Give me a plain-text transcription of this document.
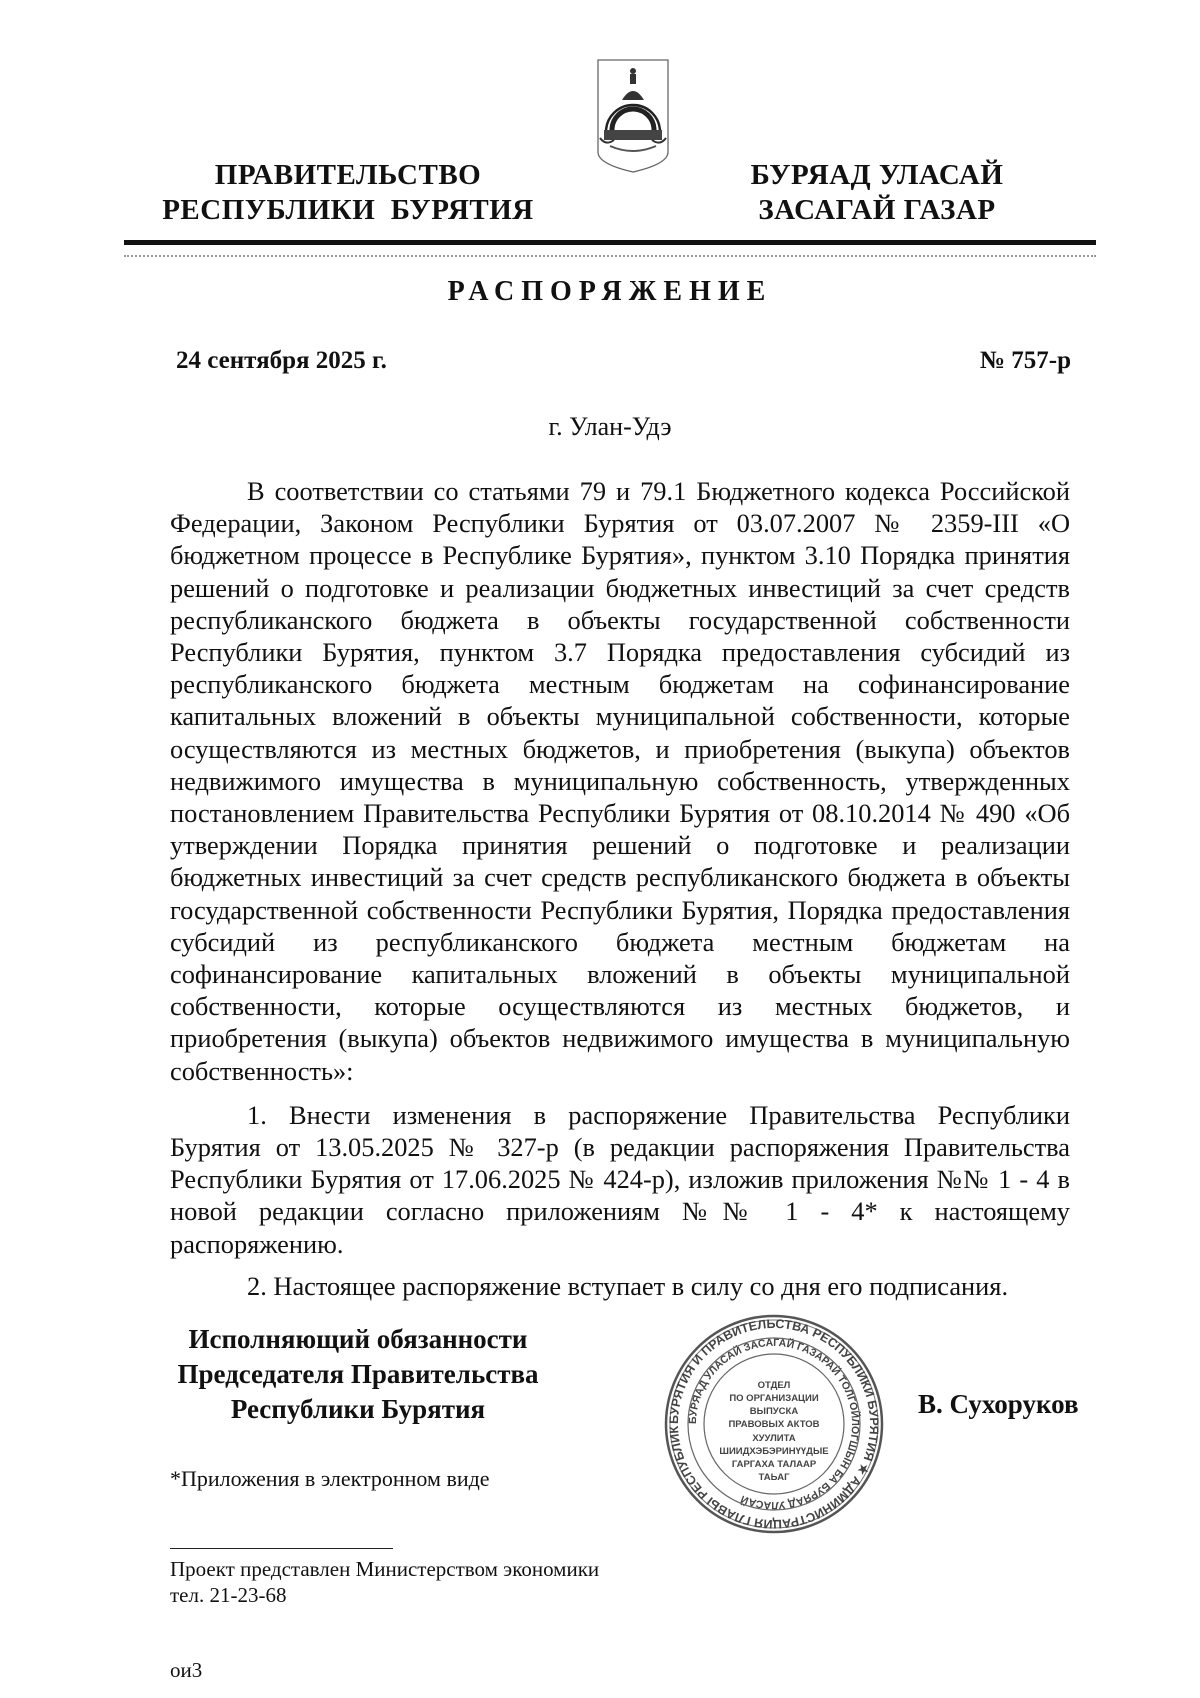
ПРАВИТЕЛЬСТВО
РЕСПУБЛИКИ  БУРЯТИЯ
БУРЯАД УЛАСАЙ
ЗАСАГАЙ ГАЗАР
РАСПОРЯЖЕНИЕ
24 сентября 2025 г.	№ 757-р
г. Улан-Удэ

В соответствии со статьями 79 и 79.1 Бюджетного кодекса Российской Федерации, Законом Республики Бурятия от 03.07.2007 № 2359-III «О бюджетном процессе в Республике Бурятия», пунктом 3.10 Порядка принятия решений о подготовке и реализации бюджетных инвестиций за счет средств республиканского бюджета в объекты государственной собственности Республики Бурятия, пунктом 3.7 Порядка предоставления субсидий из республиканского бюджета местным бюджетам на софинансирование капитальных вложений в объекты муниципальной собственности, которые осуществляются из местных бюджетов, и приобретения (выкупа) объектов недвижимого имущества в муниципальную собственность, утвержденных постановлением Правительства Республики Бурятия от 08.10.2014 № 490 «Об утверждении Порядка принятия решений о подготовке и реализации бюджетных инвестиций за счет средств республиканского бюджета в объекты государственной собственности Республики Бурятия, Порядка предоставления субсидий из республиканского бюджета местным бюджетам на софинансирование капитальных вложений в объекты муниципальной собственности, которые осуществляются из местных бюджетов, и приобретения (выкупа) объектов недвижимого имущества в муниципальную собственность»:

1. Внести изменения в распоряжение Правительства Республики Бурятия от 13.05.2025 № 327-р (в редакции распоряжения Правительства Республики Бурятия от 17.06.2025 № 424-р), изложив приложения №№ 1 - 4 в новой редакции согласно приложениям №№ 1 - 4* к настоящему распоряжению.

2. Настоящее распоряжение вступает в силу со дня его подписания.

Исполняющий обязанности
Председателя Правительства
Республики Бурятия	БУРЯТИЯ И ПРАВИТЕЛЬСТВА РЕСПУБЛИКИ БУРЯТИЯ ★ АДМИНИСТРАЦИЯ ГЛАВЫ РЕСПУБЛИК
БУРЯАД УЛАСАЙ ЗАСАГАЙ ГАЗАРАЙ ТОЛГОЙЛОГШЫН БА БУРЯАД УЛАСАЙ
ОТДЕЛ
ПО ОРГАНИЗАЦИИ
ВЫПУСКА
ПРАВОВЫХ АКТОВ
ХУУЛИТА
ШИИДХЭБЭРИНҮҮДЫЕ
ГАРГАХА ТАЛААР
ТАЬАГ
В. Сухоруков
*Приложения в электронном виде
Проект представлен Министерством экономики
тел. 21-23-68
ои3
